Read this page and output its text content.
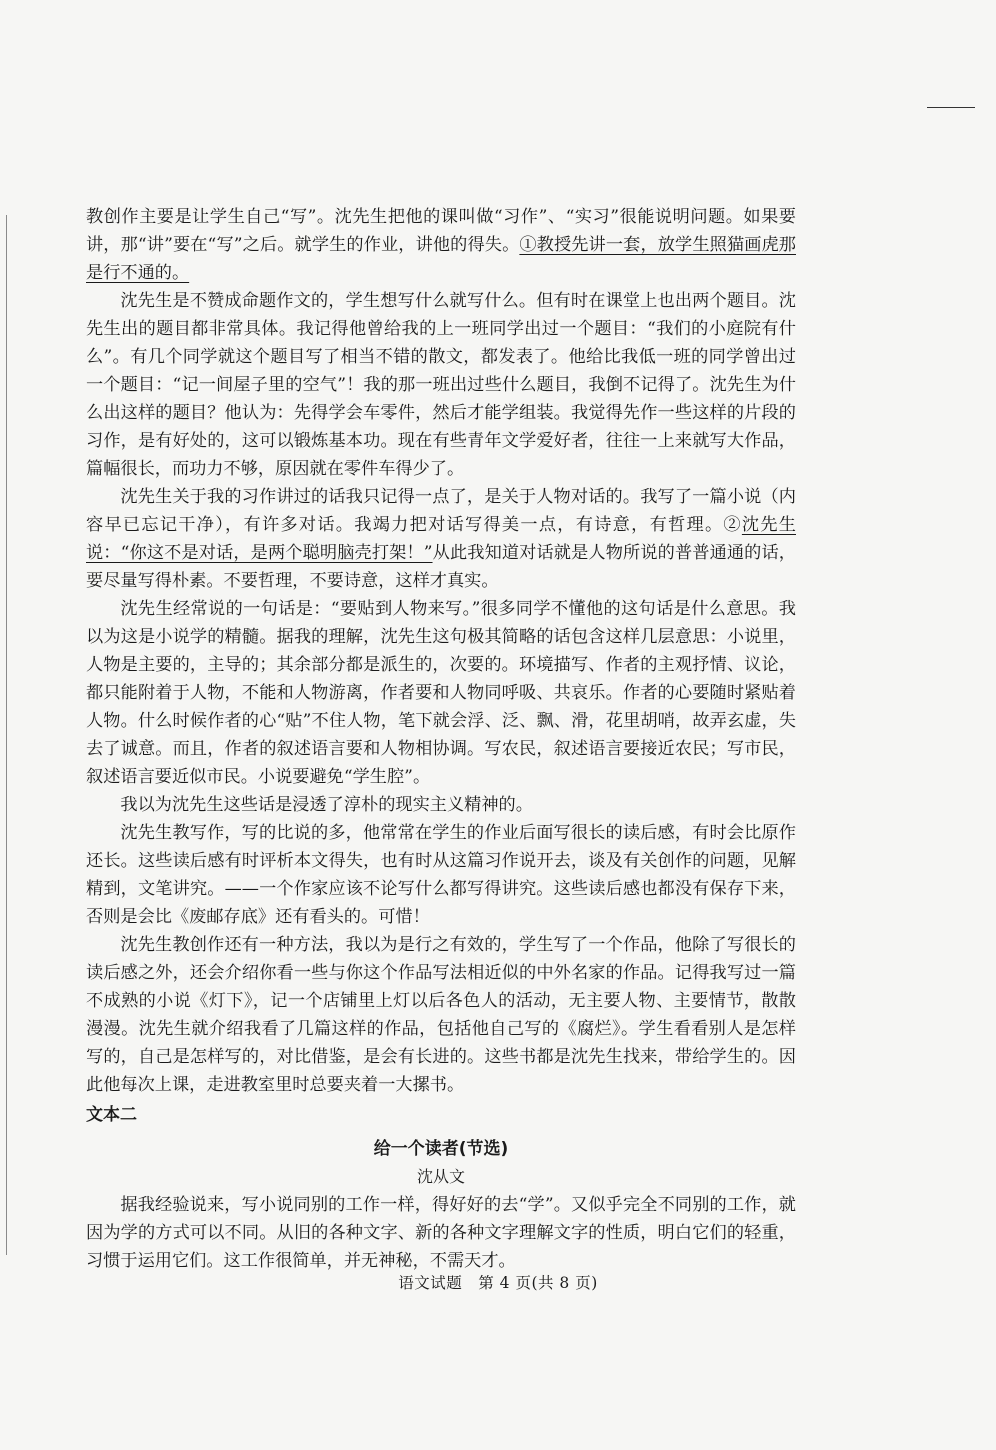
教创作主要是让学生自己“写”。沈先生把他的课叫做“习作”、“实习”很能说明问题。如果要讲，那“讲”要在“写”之后。就学生的作业，讲他的得失。①教授先讲一套，放学生照猫画虎那是行不通的。

沈先生是不赞成命题作文的，学生想写什么就写什么。但有时在课堂上也出两个题目。沈先生出的题目都非常具体。我记得他曾给我的上一班同学出过一个题目：“我们的小庭院有什么”。有几个同学就这个题目写了相当不错的散文，都发表了。他给比我低一班的同学曾出过一个题目：“记一间屋子里的空气”！我的那一班出过些什么题目，我倒不记得了。沈先生为什么出这样的题目？他认为：先得学会车零件，然后才能学组装。我觉得先作一些这样的片段的习作，是有好处的，这可以锻炼基本功。现在有些青年文学爱好者，往往一上来就写大作品，篇幅很长，而功力不够，原因就在零件车得少了。

沈先生关于我的习作讲过的话我只记得一点了，是关于人物对话的。我写了一篇小说（内容早已忘记干净），有许多对话。我竭力把对话写得美一点，有诗意，有哲理。②沈先生说：“你这不是对话，是两个聪明脑壳打架！”从此我知道对话就是人物所说的普普通通的话，要尽量写得朴素。不要哲理，不要诗意，这样才真实。

沈先生经常说的一句话是：“要贴到人物来写。”很多同学不懂他的这句话是什么意思。我以为这是小说学的精髓。据我的理解，沈先生这句极其简略的话包含这样几层意思：小说里，人物是主要的，主导的；其余部分都是派生的，次要的。环境描写、作者的主观抒情、议论，都只能附着于人物，不能和人物游离，作者要和人物同呼吸、共哀乐。作者的心要随时紧贴着人物。什么时候作者的心“贴”不住人物，笔下就会浮、泛、飘、滑，花里胡哨，故弄玄虚，失去了诚意。而且，作者的叙述语言要和人物相协调。写农民，叙述语言要接近农民；写市民，叙述语言要近似市民。小说要避免“学生腔”。

我以为沈先生这些话是浸透了淳朴的现实主义精神的。

沈先生教写作，写的比说的多，他常常在学生的作业后面写很长的读后感，有时会比原作还长。这些读后感有时评析本文得失，也有时从这篇习作说开去，谈及有关创作的问题，见解精到，文笔讲究。——一个作家应该不论写什么都写得讲究。这些读后感也都没有保存下来，否则是会比《废邮存底》还有看头的。可惜！

沈先生教创作还有一种方法，我以为是行之有效的，学生写了一个作品，他除了写很长的读后感之外，还会介绍你看一些与你这个作品写法相近似的中外名家的作品。记得我写过一篇不成熟的小说《灯下》，记一个店铺里上灯以后各色人的活动，无主要人物、主要情节，散散漫漫。沈先生就介绍我看了几篇这样的作品，包括他自己写的《腐烂》。学生看看别人是怎样写的，自己是怎样写的，对比借鉴，是会有长进的。这些书都是沈先生找来，带给学生的。因此他每次上课，走进教室里时总要夹着一大摞书。

文本二
给一个读者(节选)
沈从文

据我经验说来，写小说同别的工作一样，得好好的去“学”。又似乎完全不同别的工作，就因为学的方式可以不同。从旧的各种文字、新的各种文字理解文字的性质，明白它们的轻重，习惯于运用它们。这工作很简单，并无神秘，不需天才。

语文试题　第 4 页(共 8 页)
